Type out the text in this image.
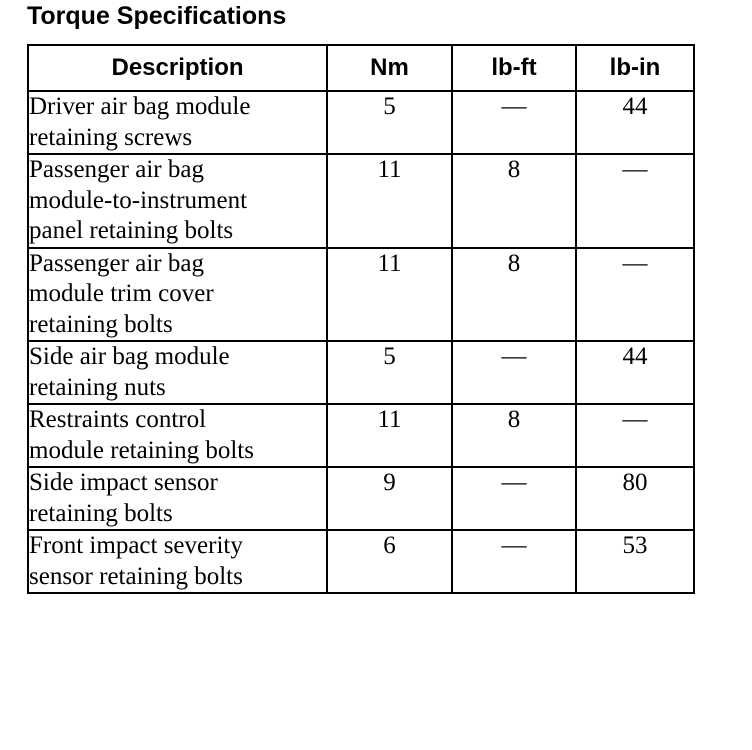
Torque Specifications
Description	Nm	lb-ft	lb-in

Driver air bag module
retaining screws	5	—	44

Passenger air bag
module-to-instrument
panel retaining bolts	11	8	—

Passenger air bag
module trim cover
retaining bolts	11	8	—

Side air bag module
retaining nuts	5	—	44

Restraints control
module retaining bolts	11	8	—

Side impact sensor
retaining bolts	9	—	80

Front impact severity
sensor retaining bolts	6	—	53
